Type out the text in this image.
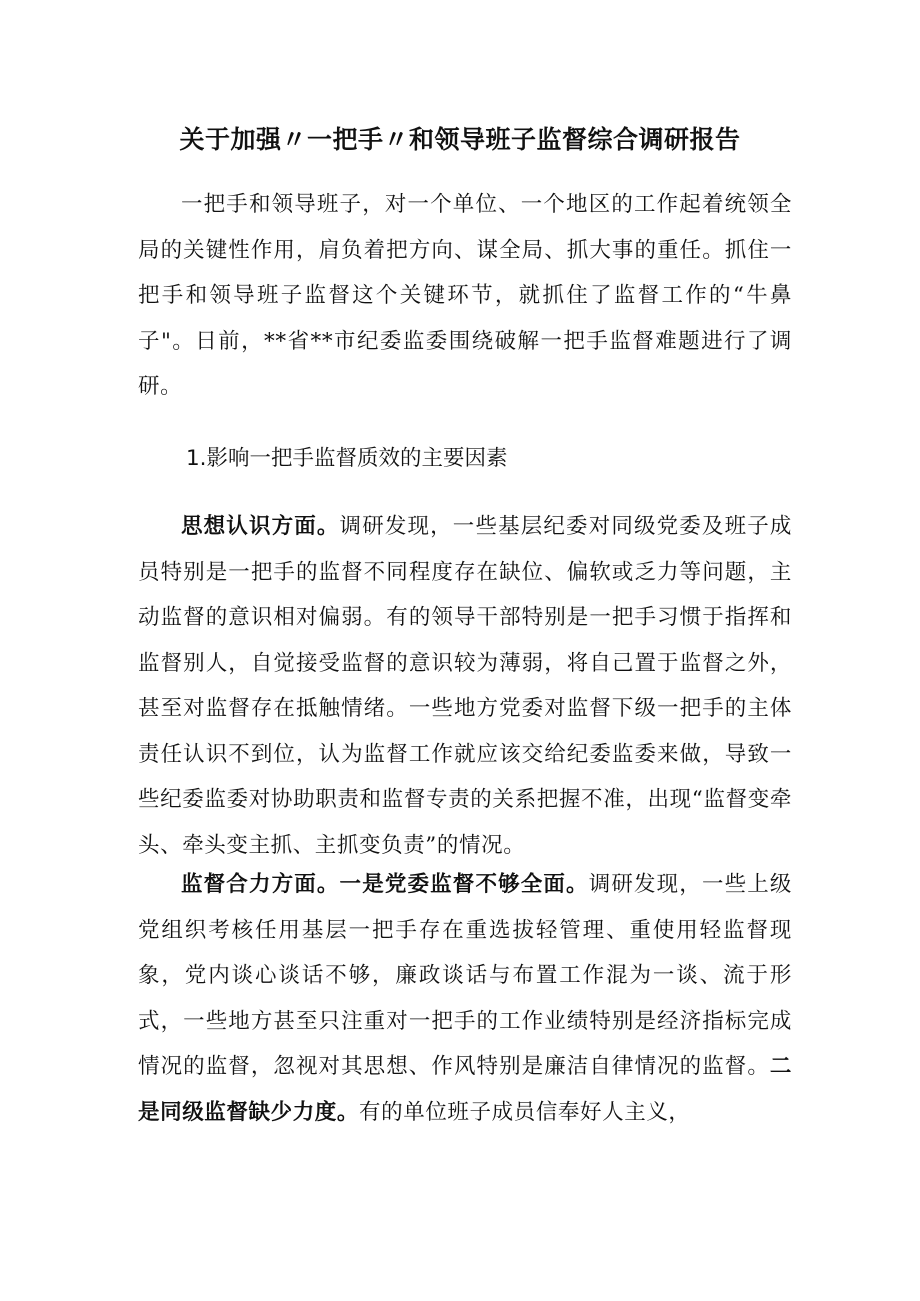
关于加强〃一把手〃和领导班子监督综合调研报告

一把手和领导班子，对一个单位、一个地区的工作起着统领全局的关键性作用，肩负着把方向、谋全局、抓大事的重任。抓住一把手和领导班子监督这个关键环节，就抓住了监督工作的“牛鼻子"。日前，**省**市纪委监委围绕破解一把手监督难题进行了调研。

1.影响一把手监督质效的主要因素

思想认识方面。调研发现，一些基层纪委对同级党委及班子成员特别是一把手的监督不同程度存在缺位、偏软或乏力等问题，主动监督的意识相对偏弱。有的领导干部特别是一把手习惯于指挥和监督别人，自觉接受监督的意识较为薄弱，将自己置于监督之外，甚至对监督存在抵触情绪。一些地方党委对监督下级一把手的主体责任认识不到位，认为监督工作就应该交给纪委监委来做，导致一些纪委监委对协助职责和监督专责的关系把握不准，出现“监督变牵头、牵头变主抓、主抓变负责”的情况。

监督合力方面。一是党委监督不够全面。调研发现，一些上级党组织考核任用基层一把手存在重选拔轻管理、重使用轻监督现象，党内谈心谈话不够，廉政谈话与布置工作混为一谈、流于形式，一些地方甚至只注重对一把手的工作业绩特别是经济指标完成情况的监督，忽视对其思想、作风特别是廉洁自律情况的监督。二是同级监督缺少力度。有的单位班子成员信奉好人主义，
